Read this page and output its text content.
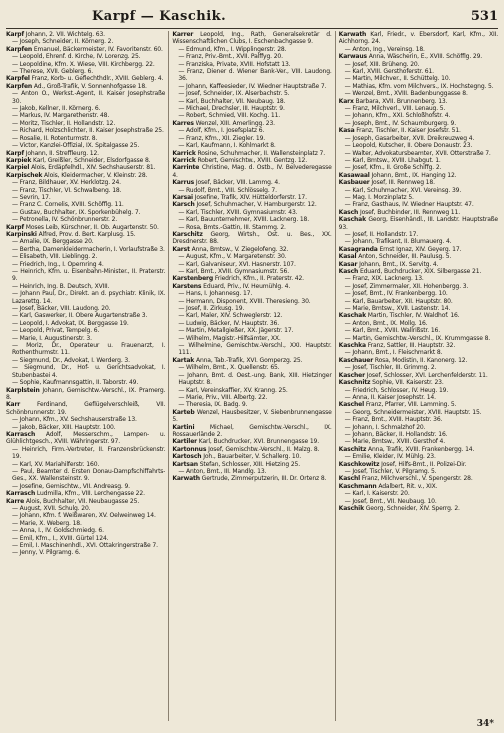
Karpf — Kaschik.	531

Karpf Johann, 2. VII. Wichtelg. 63.

— Joseph, Schneider, II. Körnerg. 2.

Karpfen Emanuel, Bäckermeister, IV. Favoritenstr. 60.

— Leopold, Ehrenf. d. Kirche, IV. Lorenzg. 25.

— Leopoldine, Kfm. X. Wiese, VIII. Kirchbergg. 22.

— Therese, XVII. Geblerg. 6.

Karpfel Franz, Korb- u. Geflechthdlr., XVIII. Geblerg. 4.

Karpfen Ad., Groß-Trafik, V. Sonnenhofgasse 18.

— Anton O., Werkst.-Agent, II. Kaiser Josephstraße 30.

— Jakob, Kellner, II. Körnerg. 6.

— Markus, IV. Margarethenstr. 48.

— Moritz, Tischler, II. Hollandstr. 12.

— Richard, Holzschlichter, II. Kaiser Josephstraße 25.

— Rosalie, II. Rotenturmstr. 8.

— Victor, Kanzlei-Offizial, IX. Spitalgasse 25.

Karpf Johann, II. Streffleurg. 12.

Karpiek Karl, Greißler, Schneider, Elsdorfgasse 8.

Karpiel Alois, Erdäpfelhdl., XIV. Sechshauserstr. 81.

Karpischek Alois, Kleidermacher, V. Kleinstr. 28.

— Franz, Bildhauer, XV. Herklotzg. 24.

— Franz, Tischler, VI. Schwalbeng. 18.

— Sevrin, 17.

— Franz C. Cornelis, XVIII. Schöfflg. 11.

— Gustav, Buchhalter, IX. Sporkenbühelg. 7.

— Petronella, IV. Schönbrunnerstr. 2.

Karpf Moses Leib, Kürschner, II. Ob. Augartenstr. 50.

Karpinski Alfred, Prov. d. Bert. Karplusg. 15.

— Amalie, IX. Berggasse 20.

— Bertha, Damenkleidermacherin, I. Vorlaufstraße 3.

— Elisabeth, VIII. Lieblingg. 2.

— Friedrich, Ing., I. Opernring 4.

— Heinrich, Kfm. u. Eisenbahn-Minister., II. Praterstr. 9.

— Heinrich, Ing. B. Deutsch, XVIII.

— Johann Paul, Dr., Direkt. an d. psychiatr. Klinik, IX. Lazarettg. 14.

— Josef, Bäcker, VIII. Laudong. 20.

— Karl, Gaswerker, II. Obere Augartenstraße 3.

— Leopold, I. Advokat, IX. Berggasse 19.

— Leopold, Privat, Tempelg. 6.

— Marie, I. Augustinerstr. 3.

— Moriz, Dr., Operateur u. Frauenarzt, I. Rothenthurmstr. 11.

— Siegmund, Dr., Advokat, I. Werderg. 3.

— Siegmund, Dr., Hof- u. Gerichtsadvokat, I. Stubenbastei 4.

— Sophie, Kaufmannsgattin, II. Taborstr. 49.

Karplstein Johann, Gemischtw.-Verschl., IX. Pramerg. 8.

Karr	Ferdinand, Geflügelverschleiß, VII. Schönbrunnerstr. 19.

— Johann, Kfm., XV. Sechshauserstraße 13.

— Jakob, Bäcker, XIII. Hauptstr. 100.

Karrasch Adolf, Messerschm., Lampen- u. Glühlichtgesch., XVIII. Währingerstr. 97.

— Heinrich, Firm.-Vertreter, II. Franzensbrückenstr. 19.

— Karl, XV. Mariahilferstr. 160.

— Paul, Beamter d. Ersten Donau-Dampfschiffahrts-Ges., XX. Wallensteinstr. 9.

— Josefine, Gemischtw., VII. Andreasg. 9.

Karrasch Ludmilla, Kfm., VIII. Lerchengasse 22.

Karre Alois, Buchhalter, VII. Neubaugasse 25.

— August, XVII. Schulg. 20.

— Johann, Kfm. f. Weißwaren, XV. Oelweinweg 14.

— Marie, X. Weberg. 18.

— Anna, I., IV. Goldschmiedg. 6.

— Emil, Kfm., I., XVIII. Gürtel 124.

— Emil, I. Maschinenhdl., XVI. Ottakringerstraße 7.

— Jenny, V. Pilgramg. 6.

Karrer Leopold, Ing., Rath, Generalsekretär d. Wissenschaftlichen Clubs, I. Eschenbachgasse 9.

— Edmund, Kfm., I. Wipplingerstr. 28.

— Franz, Priv.-Bmt., XVII. Palffyg. 20.

— Franziska, Private, XVIII. Hofstatt 13.

— Franz, Diener d. Wiener Bank-Ver., VIII. Laudong. 36.

— Johann, Kaffeesieder, IV. Wiedner Hauptstraße 7.

— Josef, Schneider, IX. Alserbachstr. 5.

— Karl, Buchhalter, VII. Neubaug. 18.

— Michael, Drechsler, III. Hauptstr. 9.

— Robert, Schmied, VIII. Kochg. 11.

Karres Wenzel, XIII. Amerlingg. 23.

— Adolf, Kfm., I. Josefsplatz 6.

— Franz, Kfm., XII. Ziegler. 19.

— Karl, Kaufmann, I. Kohlmarkt 8.

Karrick Rosine, Schuhmacher, II. Wallensteinplatz 7.

Karrick Robert, Gemischtw., XVIII. Gentzg. 12.

Karrinte Christine, Mag. d. Ostb., IV. Belvederegasse 4.

Karrus Josef, Bäcker, VIII. Lammg. 4.

— Rudolf, Bmt., VIII. Schlösselg. 7.

Karsai Josefine, Trafik, XIV. Hütteldorferstr. 17.

Karsch Josef, Schuhmacher, V. Hamburgerstr. 12.

— Karl, Tischler, XVIII. Gymnasiumstr. 43.

— Karl, Bauunternehmer, XVIII. Lacknerg. 18.

— Rosa, Bmts.-Gattin, III. Stammg. 2.

Karschitz Georg, Wirtsh., Ost. u. Bes., XX. Dresdnerstr. 88.

Karst Anna, Bmtsw., V. Ziegelofeng. 32.

— August, Kfm., V. Margaretenstr. 30.

— Karl, Galvaniseur, XVI. Hasnerstr. 107.

— Karl, Bmt., XVIII. Gymnasiumstr. 56.

Karstenberg Friedrich, Kfm., II. Praterstr. 42.

Karstens Eduard, Priv., IV. Heumühlg. 4.

— Hans, I. Johannesg. 17.

— Hermann, Disponent, XVIII. Theresieng. 30.

— Josef, II. Zirkusg. 19.

— Karl, Maler, XIV. Schweglerstr. 12.

— Ludwig, Bäcker, IV. Hauptstr. 36.

— Martin, Metallgießer, XX. Jägerstr. 17.

— Wilhelm, Magistr.-Hilfsämter, XX.

— Wilhelmine, Gemischtw.-Verschl., XXI. Hauptstr. 111.

Kartak Anna, Tab.-Trafik, XVI. Gomperzg. 25.

— Wilhelm, Bmt., X. Quellenstr. 65.

— Johann, Bmt. d. Oest.-ung. Bank, XIII. Hietzinger Hauptstr. 8.

— Karl, Vereinskaffier, XV. Kranng. 25.

— Marie, Priv., VIII. Albertg. 22.

— Theresia, IX. Badg. 9.

Karteb Wenzel, Hausbesitzer, V. Siebenbrunnengasse 5.

Kartini	Michael, Gemischtw.-Verschl., IX. Rossauerlände 2.

Kartiler Karl, Buchdrucker, XVI. Brunnengasse 19.

Kartonnus Josef, Gemischtw.-Verschl., II. Malzg. 8.

Kartosch Joh., Bauarbeiter, V. Schallerg. 10.

Kartsan Stefan, Schlosser, XIII. Hietzing 25.

— Anton, Bmt., III. Mandlg. 13.

Karwath Gertrude, Zimmerputzerin, III. Dr. Ortenz 8.

Karwath Karl, Friedr., v. Ebersdorf, Karl, Kfm., XII. Aichhorng. 24.

— Anton, Ing., Vereinsg. 18.

Karwaus Anna, Wäscherin, E., XVIII. Schöfflg. 29.

— Josef, XIII. Brüheng. 20.

— Karl, XVIII. Gersthoferstr. 61.

— Martin, Milchver., II. Schüttelg. 10.

— Mathias, Kfm. vom Milchvers., IX. Hochstegng. 5.

— Wenzel, Bmt., XVIII. Badenbunggasse 8.

Karx Barbara, XVII. Brunnenberg. 13.

— Franz, Milchverl., VIII. Lenaug. 5.

— Johann, Kfm., XXI. Schloßhofstr. 4.

— Joseph, Bmt., IV. Schaumburgerg. 9.

Kasa Franz, Tischler, II. Kaiser Josefstr. 51.

— Joseph, Gasarbeiter, XVII. Dreikreuzweg 4.

— Leopold, Kutscher, II. Obere Donaustr. 23.

— Walter, Advokatursbeamter, XVII. Otterstraße 7.

— Karl, Bmtsw., XVIII. Lhabgut. 1.

— Josef, Kfm., II. Große Schiffg. 2.

Kasawaal Johann, Bmt., IX. Hanging 12.

Kasbauer Josef, III. Rennweg 18.

— Karl, Schuhmacher, XVI. Vereinsg. 39.

— Mag. I. Morzinplatz 5.

— Franz, Gasthaus, IV. Wiedner Hauptstr. 47.

Kasch Josef, Buchbinder, III. Rennweg 11.

Kaschak Georg, Eisenhändl., III. Landstr. Hauptstraße 93.

— Josef, II. Hollandstr. 17.

— Johann, Trafikant, II. Blumauerg. 4.

Kasagranda Ernst Ignaz, XIV. Geyerg. 17.

Kasal Anton, Schneider, III. Paulusg. 5.

Kasar Johann, Bmt., IX. Servitg. 4.

Kasch Eduard, Buchdrucker, XIX. Silbergasse 21.

— Franz, XIX. Lacknerg. 13.

— Josef, Zimmermaler, XII. Hohenbergg. 3.

— Josef, Bmt., IV. Frankenbergg. 10.

— Karl, Bauarbeiter, XII. Hauptstr. 80.

— Marie, Bmtsw., XVII. Lastenstr. 14.

Kaschak Martin, Tischler, IV. Waldhof. 16.

— Anton, Bmt., IX. Mollg. 16.

— Karl, Bmt., XVIII. Wallrißstr. 16.

— Martin, Gemischtw.-Verschl., IX. Krummgasse 8.

Kaschka Franz, Sattler, III. Hauptstr. 32.

— Johann, Bmt., I. Fleischmarkt 8.

Kaschauer Rosa, Modistin, II. Kanonerg. 12.

— Josef, Tischler, III. Grimmg. 2.

Kascher Josef, Schlosser, XVI. Lerchenfelderstr. 11.

Kaschnitz Sophie, VII. Kaiserstr. 23.

— Friedrich, Schlosser, IV. Heug. 19.

— Anna, II. Kaiser Josephstr. 14.

Kaschel Franz, Pfarrer, VIII. Lamming. 5.

— Georg, Schneidermeister, XVIII. Hauptstr. 15.

— Franz, Bmt., XVIII. Hauptstr. 36.

— Johann, I. Schmalzhof 20.

— Johann, Bäcker, II. Hollandstr. 16.

— Marie, Bmtsw., XVIII. Gersthof 4.

Kaschitz Anna, Trafik, XVIII. Frankenbergg. 14.

— Emilie, Kleider, IV. Mühlg. 23.

Kaschkowitz Josef, Hilfs-Bmt., II. Polizei-Dir.

— Josef, Tischler, V. Pilgramg. 5.

Kaschl Franz, Milchverschl., V. Spengerstr. 28.

Kaschmann Adalbert, Rit. v., XIX.

— Karl, I. Kaiserstr. 20.

— Josef, Bmt., VII. Neubaug. 10.

Kaschik Georg, Schneider, XIV. Sperrg. 2.

34*
